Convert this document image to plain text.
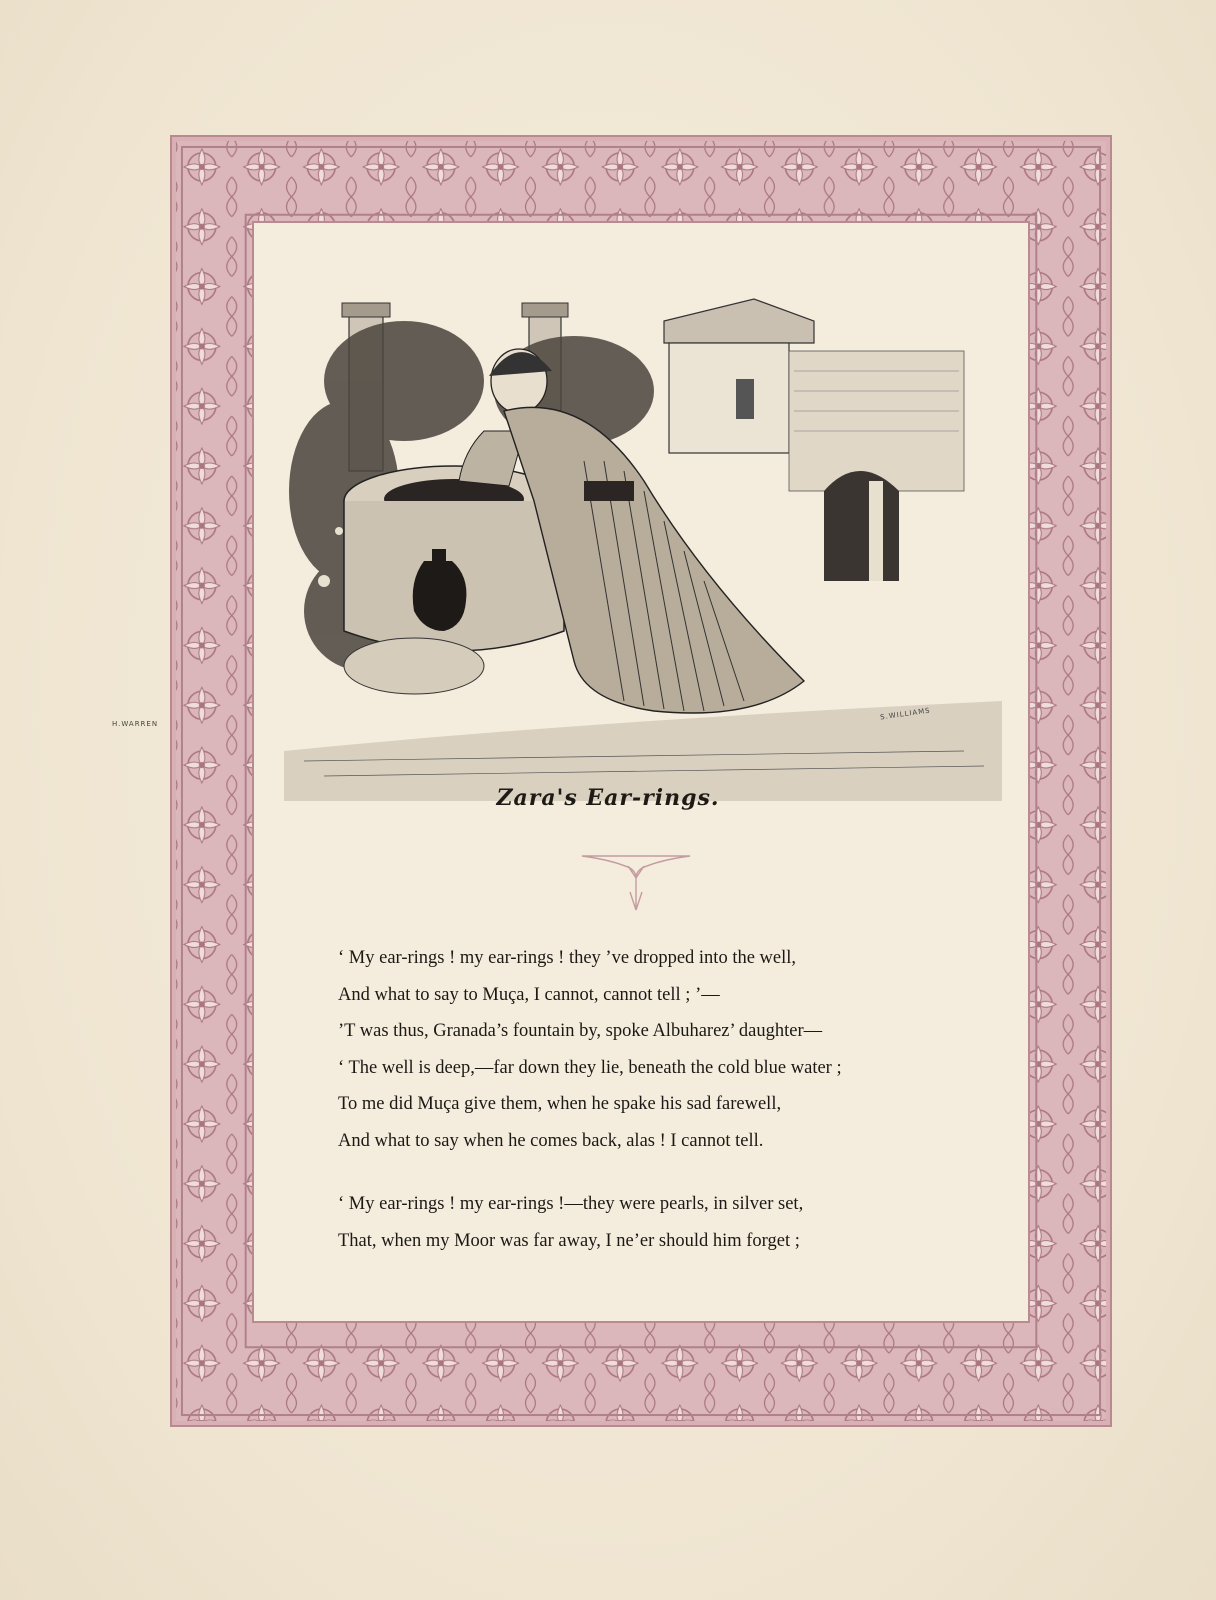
H.WARREN
S.WILLIAMS
Zara's Ear-rings.
‘ My ear-rings ! my ear-rings ! they ’ve dropped into the well,
And what to say to Muça, I cannot, cannot tell ; ’—
’T was thus, Granada’s fountain by, spoke Albuharez’ daughter—
‘ The well is deep,—far down they lie, beneath the cold blue water ;
To me did Muça give them, when he spake his sad farewell,
And what to say when he comes back, alas ! I cannot tell.
‘ My ear-rings ! my ear-rings !—they were pearls, in silver set,
That, when my Moor was far away, I ne’er should him forget ;
